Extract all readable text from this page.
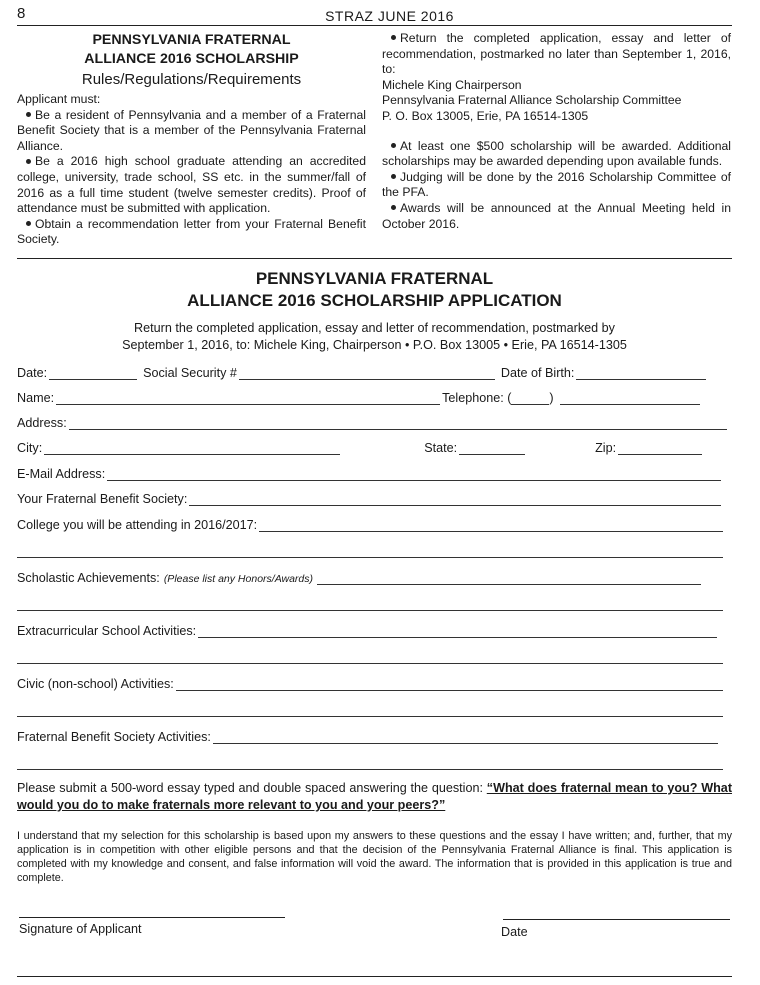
8	STRAZ JUNE 2016
PENNSYLVANIA FRATERNAL
ALLIANCE 2016 SCHOLARSHIP
Rules/Regulations/Requirements

Applicant must:

Be a resident of Pennsylvania and a member of a Fraternal Benefit Society that is a member of the Pennsylvania Fraternal Alliance.

Be a 2016 high school graduate attending an accredited college, university, trade school, SS etc. in the summer/fall of 2016 as a full time student (twelve semester credits). Proof of attendance must be submitted with application.

Obtain a recommendation letter from your Fraternal Benefit Society.

Return the completed application, essay and letter of recommendation, postmarked no later than September 1, 2016, to:

Michele King Chairperson

Pennsylvania Fraternal Alliance Scholarship Committee

P. O. Box 13005, Erie, PA 16514-1305

At least one $500 scholarship will be awarded. Additional scholarships may be awarded depending upon available funds.

Judging will be done by the 2016 Scholarship Committee of the PFA.

Awards will be announced at the Annual Meeting held in October 2016.

PENNSYLVANIA FRATERNAL
ALLIANCE 2016 SCHOLARSHIP APPLICATION
Return the completed application, essay and letter of recommendation, postmarked by
September 1, 2016, to: Michele King, Chairperson • P.O. Box 13005 • Erie, PA 16514-1305
Date:	Social Security #	Date of Birth:
Name:	Telephone: (	)
Address:
City:	State:	Zip:
E-Mail Address:
Your Fraternal Benefit Society:
College you will be attending in 2016/2017:
Scholastic Achievements: (Please list any Honors/Awards)
Extracurricular School Activities:
Civic (non-school) Activities:
Fraternal Benefit Society Activities:
Please submit a 500-word essay typed and double spaced answering the question: “What does fraternal mean to you? What would you do to make fraternals more relevant to you and your peers?”
I understand that my selection for this scholarship is based upon my answers to these questions and the essay I have written; and, further, that my application is in competition with other eligible persons and that the decision of the Pennsylvania Fraternal Alliance is final. This application is completed with my knowledge and consent, and false information will void the award. The information that is provided in this application is true and complete.
Signature of Applicant	Date
